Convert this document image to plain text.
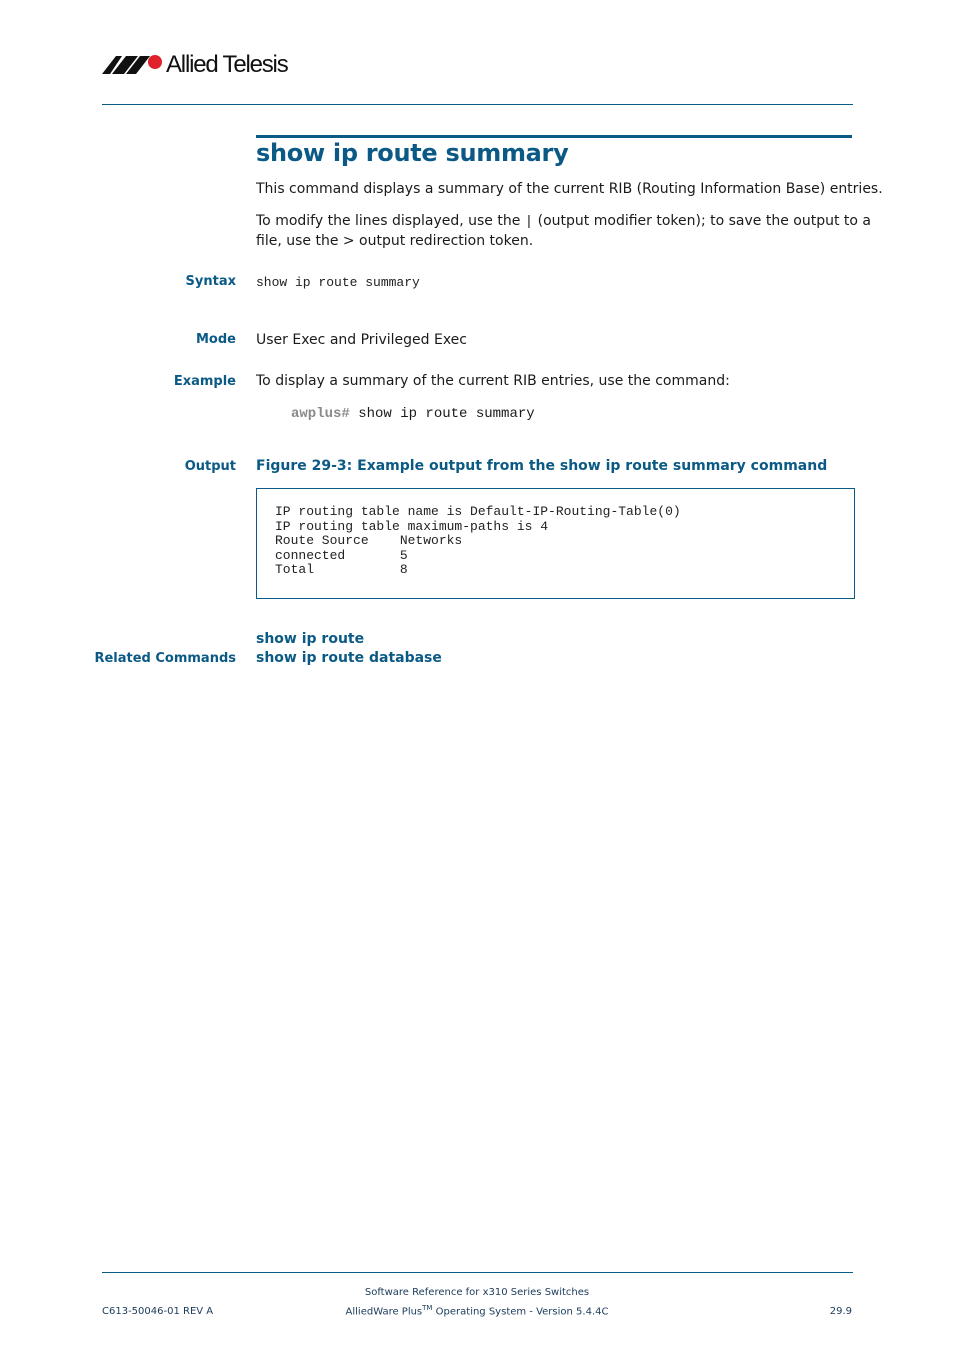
Allied Telesis
show ip route summary
This command displays a summary of the current RIB (Routing Information Base) entries.
To modify the lines displayed, use the | (output modifier token); to save the output to a
file, use the > output redirection token.
Syntax show ip route summary
Mode User Exec and Privileged Exec
Example To display a summary of the current RIB entries, use the command:
awplus# show ip route summary
Output Figure 29-3: Example output from the show ip route summary command
IP routing table name is Default-IP-Routing-Table(0)
IP routing table maximum-paths is 4
Route Source    Networks
connected       5
Total           8
show ip route
Related Commands show ip route database
Software Reference for x310 Series Switches
AlliedWare Plus™ Operating System - Version 5.4.4C
C613-50046-01 REV A	29.9
